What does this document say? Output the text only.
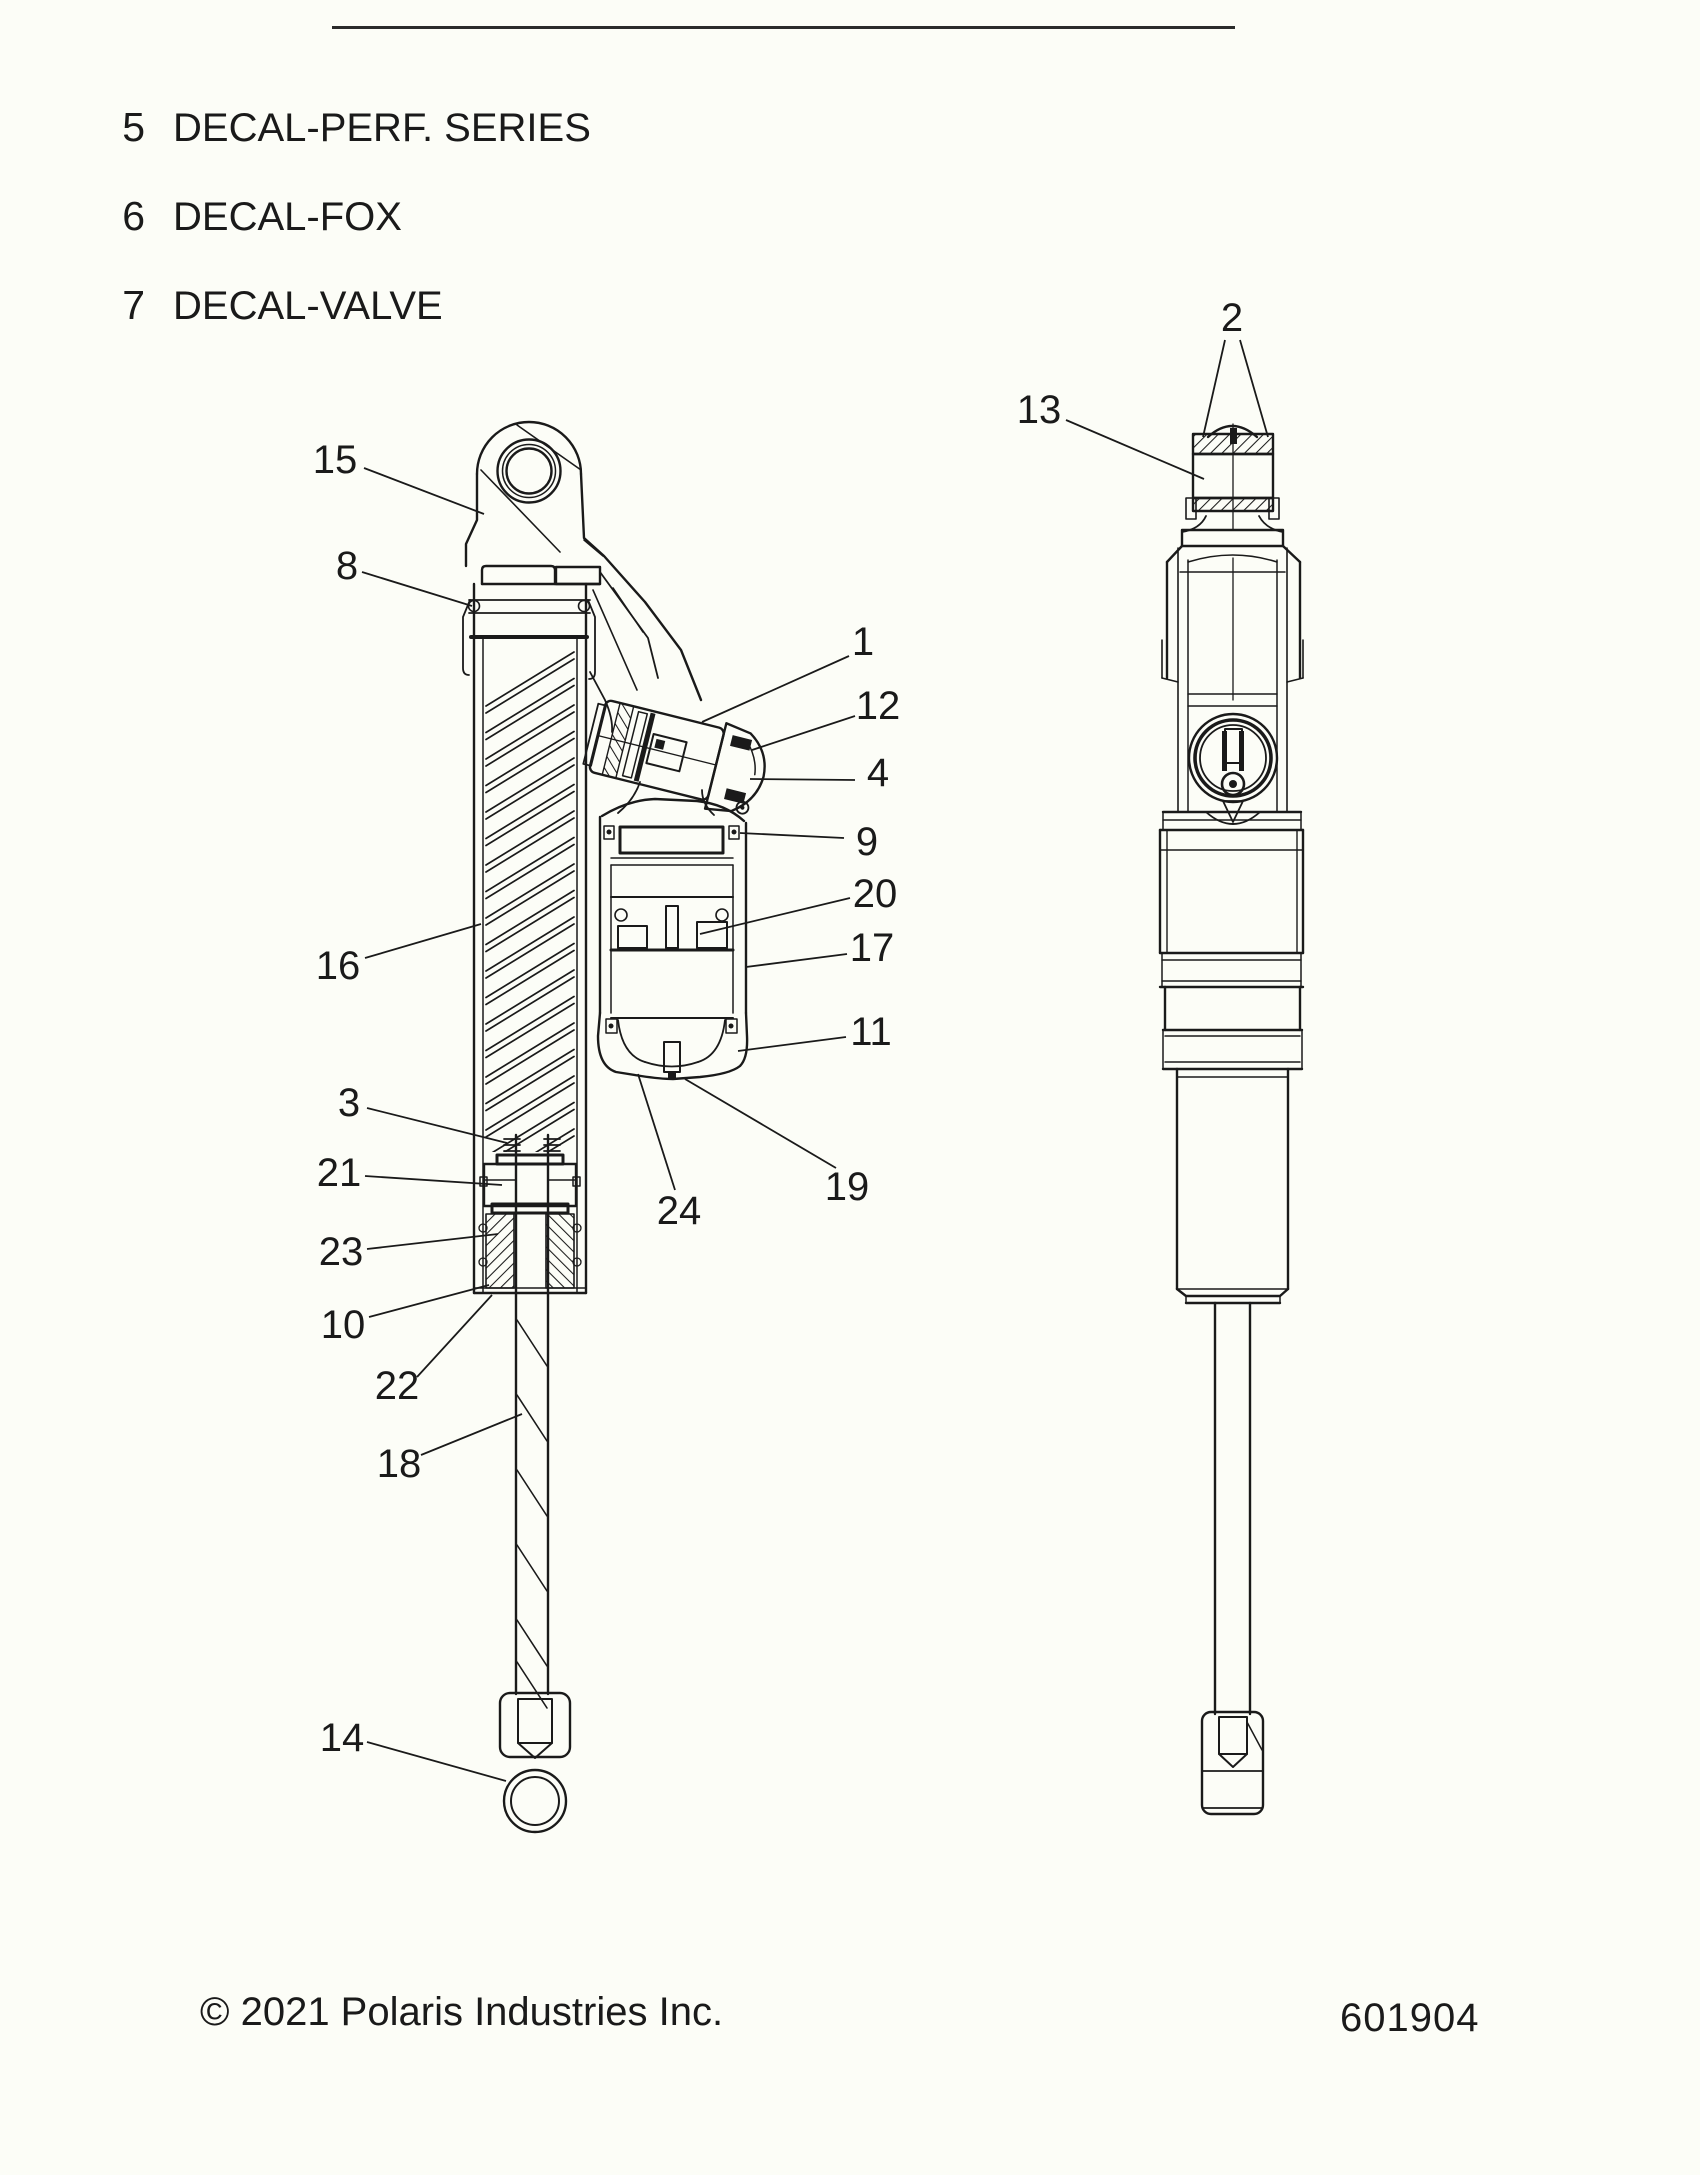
5 DECAL-PERF. SERIES
6 DECAL-FOX
7 DECAL-VALVE
15
8
1
12
4
9
20
17
11
16
3
21
23
10
22
18
14
19
24
2
13
© 2021 Polaris Industries Inc.	601904
